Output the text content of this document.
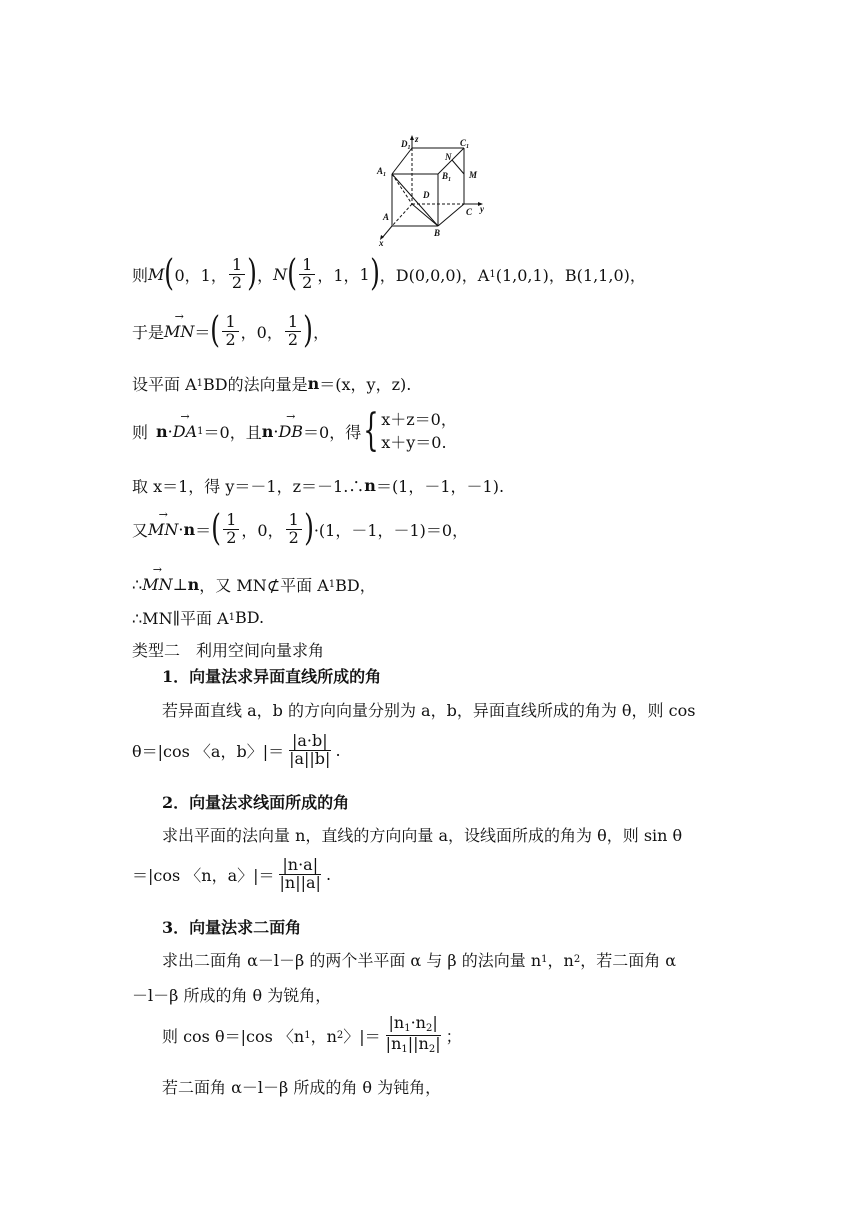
$D_1$
z	$C_1$
$A_1$	$B_1$
N
M
D
A
B
C y
x
则 M ( 0， 1， $\frac{1}{2}$ ) ， N ( $\frac{1}{2}$ ， 1， 1 ) ，D(0,0,0)，A 1 (1,0,1)，B(1,1,0)，
于是 → MN ＝ ( $\frac{1}{2}$ ，0， $\frac{1}{2}$ ) ，
设平面 A 1 BD的法向量是 n ＝(x，y，z).
则 n · → DA 1 ＝0，且 n · → DB ＝0，得 { x＋z＝0，
x＋y＝0.
取 x＝1，得 y＝－1，z＝－1.∴ n ＝(1，－1，－1).
又 → MN · n ＝ ( $\frac{1}{2}$ ，0， $\frac{1}{2}$ ) ·(1，－1，－1)＝0，
∴ → MN ⊥ n ，又 MN⊄平面 A 1 BD，
∴MN∥平面 A 1 BD.
类型二　利用空间向量求角
1．向量法求异面直线所成的角
若异面直线 a，b 的方向向量分别为 a，b，异面直线所成的角为 θ，则 cos
θ＝|cos 〈a，b〉|＝ $\frac{|a\cdot b|}{|a||b|}$ .
2．向量法求线面所成的角
求出平面的法向量 n，直线的方向向量 a，设线面所成的角为 θ，则 sin θ
＝|cos 〈n，a〉|＝ $\frac{|n\cdot a|}{|n||a|}$ .
3．向量法求二面角
求出二面角 α－l－β 的两个半平面 α 与 β 的法向量 n 1 ，n 2 ，若二面角 α
－l－β 所成的角 θ 为锐角，
则 cos θ＝|cos 〈n 1 ，n 2 〉|＝ $\frac{|n_1\cdot n_2|}{|n_1||n_2|}$ ；
若二面角 α－l－β 所成的角 θ 为钝角，
